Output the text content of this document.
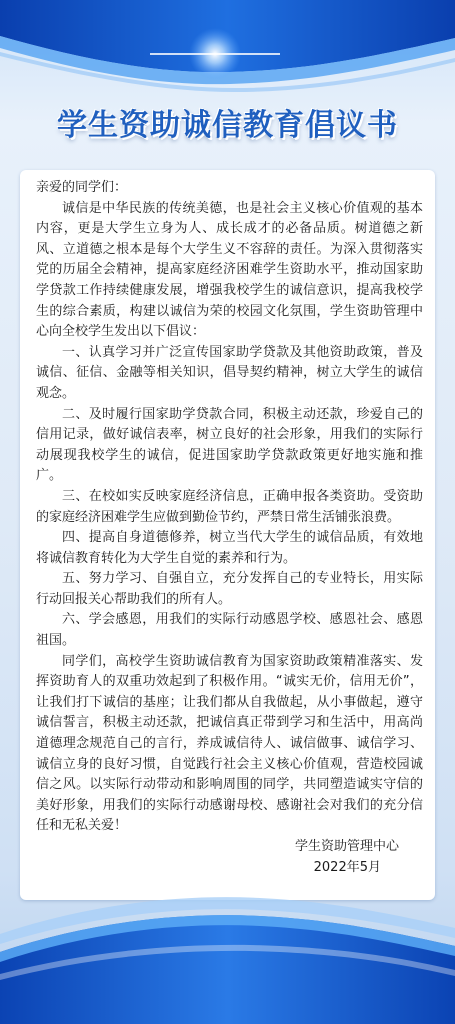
学生资助诚信教育倡议书

亲爱的同学们：

诚信是中华民族的传统美德，也是社会主义核心价值观的基本内容，更是大学生立身为人、成长成才的必备品质。树道德之新风、立道德之根本是每个大学生义不容辞的责任。为深入贯彻落实党的历届全会精神，提高家庭经济困难学生资助水平，推动国家助学贷款工作持续健康发展，增强我校学生的诚信意识，提高我校学生的综合素质，构建以诚信为荣的校园文化氛围，学生资助管理中心向全校学生发出以下倡议：

一、认真学习并广泛宣传国家助学贷款及其他资助政策，普及诚信、征信、金融等相关知识，倡导契约精神，树立大学生的诚信观念。

二、及时履行国家助学贷款合同，积极主动还款，珍爱自己的信用记录，做好诚信表率，树立良好的社会形象，用我们的实际行动展现我校学生的诚信，促进国家助学贷款政策更好地实施和推广。

三、在校如实反映家庭经济信息，正确申报各类资助。受资助的家庭经济困难学生应做到勤俭节约，严禁日常生活铺张浪费。

四、提高自身道德修养，树立当代大学生的诚信品质，有效地将诚信教育转化为大学生自觉的素养和行为。

五、努力学习、自强自立，充分发挥自己的专业特长，用实际行动回报关心帮助我们的所有人。

六、学会感恩，用我们的实际行动感恩学校、感恩社会、感恩祖国。

同学们，高校学生资助诚信教育为国家资助政策精准落实、发挥资助育人的双重功效起到了积极作用。“诚实无价，信用无价”，让我们打下诚信的基座；让我们都从自我做起，从小事做起，遵守诚信誓言，积极主动还款，把诚信真正带到学习和生活中，用高尚道德理念规范自己的言行，养成诚信待人、诚信做事、诚信学习、诚信立身的良好习惯，自觉践行社会主义核心价值观，营造校园诚信之风。以实际行动带动和影响周围的同学，共同塑造诚实守信的美好形象，用我们的实际行动感谢母校、感谢社会对我们的充分信任和无私关爱！

学生资助管理中心

2022年5月
